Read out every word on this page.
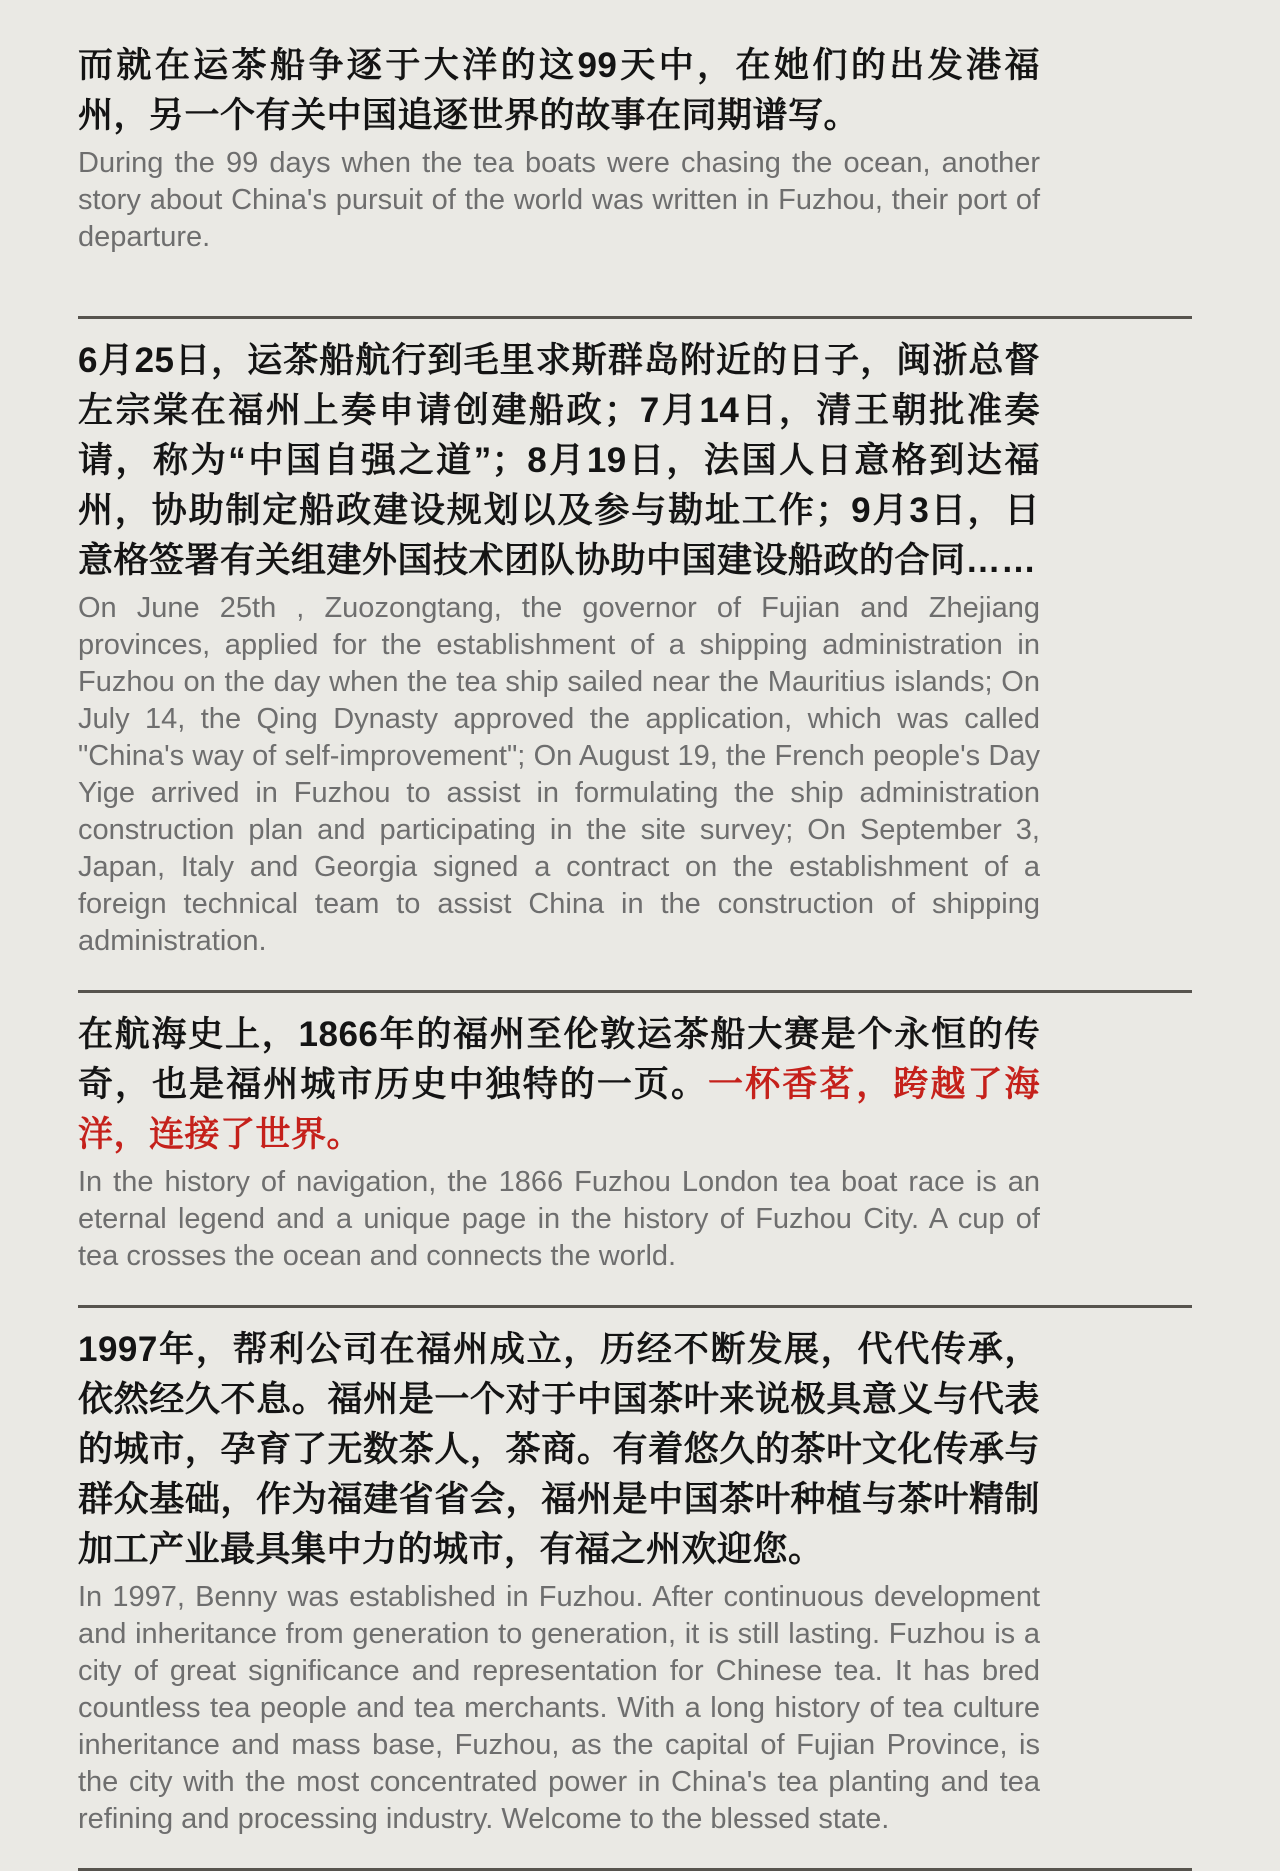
而就在运茶船争逐于大洋的这99天中，在她们的出发港福州，另一个有关中国追逐世界的故事在同期谱写。

During the 99 days when the tea boats were chasing the ocean, another story about China's pursuit of the world was written in Fuzhou, their port of departure.

6月25日，运茶船航行到毛里求斯群岛附近的日子，闽浙总督左宗棠在福州上奏申请创建船政；7月14日，清王朝批准奏请，称为“中国自强之道”；8月19日，法国人日意格到达福州，协助制定船政建设规划以及参与勘址工作；9月3日，日意格签署有关组建外国技术团队协助中国建设船政的合同……

On June 25th , Zuozongtang, the governor of Fujian and Zhejiang provinces, applied for the establishment of a shipping administration in Fuzhou on the day when the tea ship sailed near the Mauritius islands; On July 14, the Qing Dynasty approved the application, which was called "China's way of self-improvement"; On August 19, the French people's Day Yige arrived in Fuzhou to assist in formulating the ship administration construction plan and participating in the site survey; On September 3, Japan, Italy and Georgia signed a contract on the establishment of a foreign technical team to assist China in the construction of shipping administration.

在航海史上，1866年的福州至伦敦运茶船大赛是个永恒的传奇，也是福州城市历史中独特的一页。一杯香茗，跨越了海洋，连接了世界。

In the history of navigation, the 1866 Fuzhou London tea boat race is an eternal legend and a unique page in the history of Fuzhou City. A cup of tea crosses the ocean and connects the world.

1997年，帮利公司在福州成立，历经不断发展，代代传承，依然经久不息。福州是一个对于中国茶叶来说极具意义与代表的城市，孕育了无数茶人，茶商。有着悠久的茶叶文化传承与群众基础，作为福建省省会，福州是中国茶叶种植与茶叶精制加工产业最具集中力的城市，有福之州欢迎您。

In 1997, Benny was established in Fuzhou. After continuous development and inheritance from generation to generation, it is still lasting. Fuzhou is a city of great significance and representation for Chinese tea. It has bred countless tea people and tea merchants. With a long history of tea culture inheritance and mass base, Fuzhou, as the capital of Fujian Province, is the city with the most concentrated power in China's tea planting and tea refining and processing industry. Welcome to the blessed state.
